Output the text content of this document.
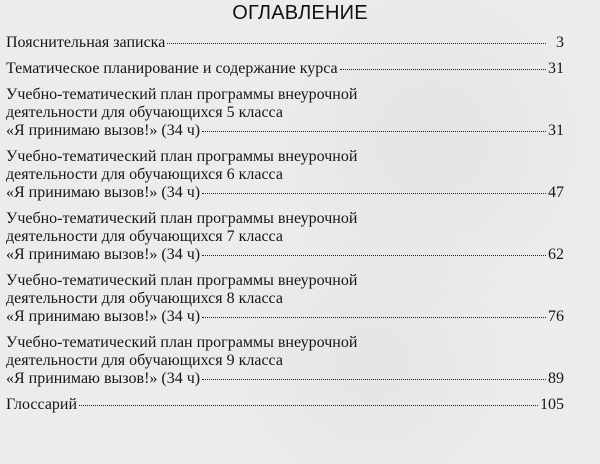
ОГЛАВЛЕНИЕ
Пояснительная записка	3
Тематическое планирование и содержание курса	31
Учебно-тематический план программы внеурочной
деятельности для обучающихся 5 класса
«Я принимаю вызов!» (34 ч)	31
Учебно-тематический план программы внеурочной
деятельности для обучающихся 6 класса
«Я принимаю вызов!» (34 ч)	47
Учебно-тематический план программы внеурочной
деятельности для обучающихся 7 класса
«Я принимаю вызов!» (34 ч)	62
Учебно-тематический план программы внеурочной
деятельности для обучающихся 8 класса
«Я принимаю вызов!» (34 ч)	76
Учебно-тематический план программы внеурочной
деятельности для обучающихся 9 класса
«Я принимаю вызов!» (34 ч)	89
Глоссарий	105
